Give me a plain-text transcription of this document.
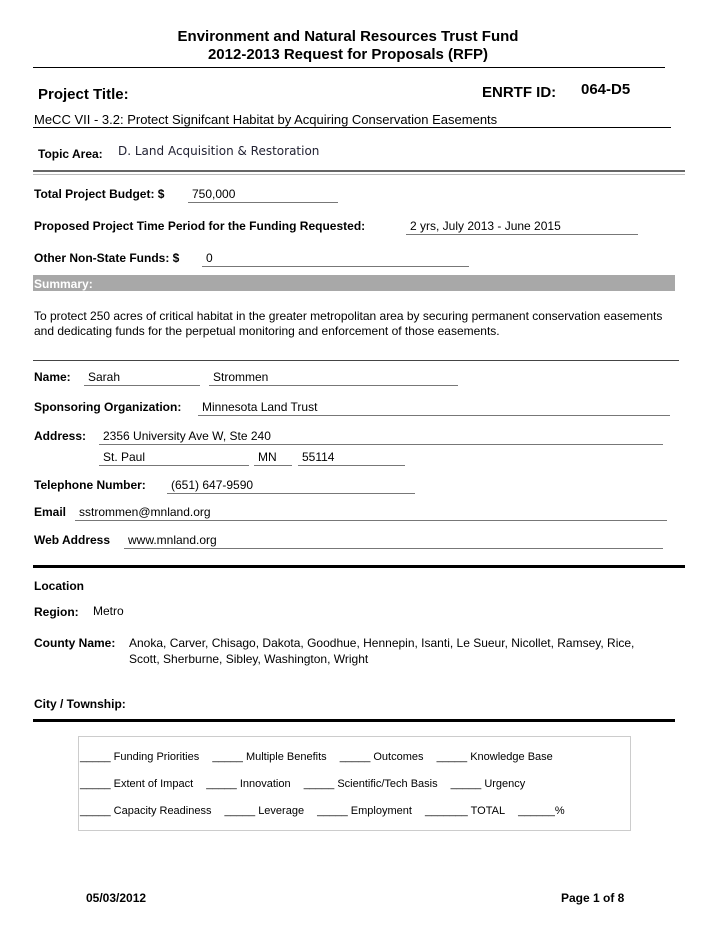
Environment and Natural Resources Trust Fund
2012-2013 Request for Proposals (RFP)
Project Title:	ENRTF ID: 064-D5
MeCC VII - 3.2: Protect Signifcant Habitat by Acquiring Conservation Easements
Topic Area: D. Land Acquisition & Restoration
Total Project Budget: $	750,000
Proposed Project Time Period for the Funding Requested:	2 yrs, July 2013 - June 2015
Other Non-State Funds: $	0
Summary:
To protect 250 acres of critical habitat in the greater metropolitan area by securing permanent conservation easements and dedicating funds for the perpetual monitoring and enforcement of those easements.
Name:	Sarah	Strommen
Sponsoring Organization:	Minnesota Land Trust
Address:	2356 University Ave W, Ste 240
St. Paul	MN	55114
Telephone Number:	(651) 647-9590
Email	sstrommen@mnland.org
Web Address	www.mnland.org
Location
Region: Metro
County Name: Anoka, Carver, Chisago, Dakota, Goodhue, Hennepin, Isanti, Le Sueur, Nicollet, Ramsey, Rice, Scott, Sherburne, Sibley, Washington, Wright
City / Township:
_____ Funding Priorities _____ Multiple Benefits _____ Outcomes _____ Knowledge Base
_____ Extent of Impact _____ Innovation _____ Scientific/Tech Basis _____ Urgency
_____ Capacity Readiness _____ Leverage _____ Employment _______ TOTAL ______%
05/03/2012	Page 1 of 8
